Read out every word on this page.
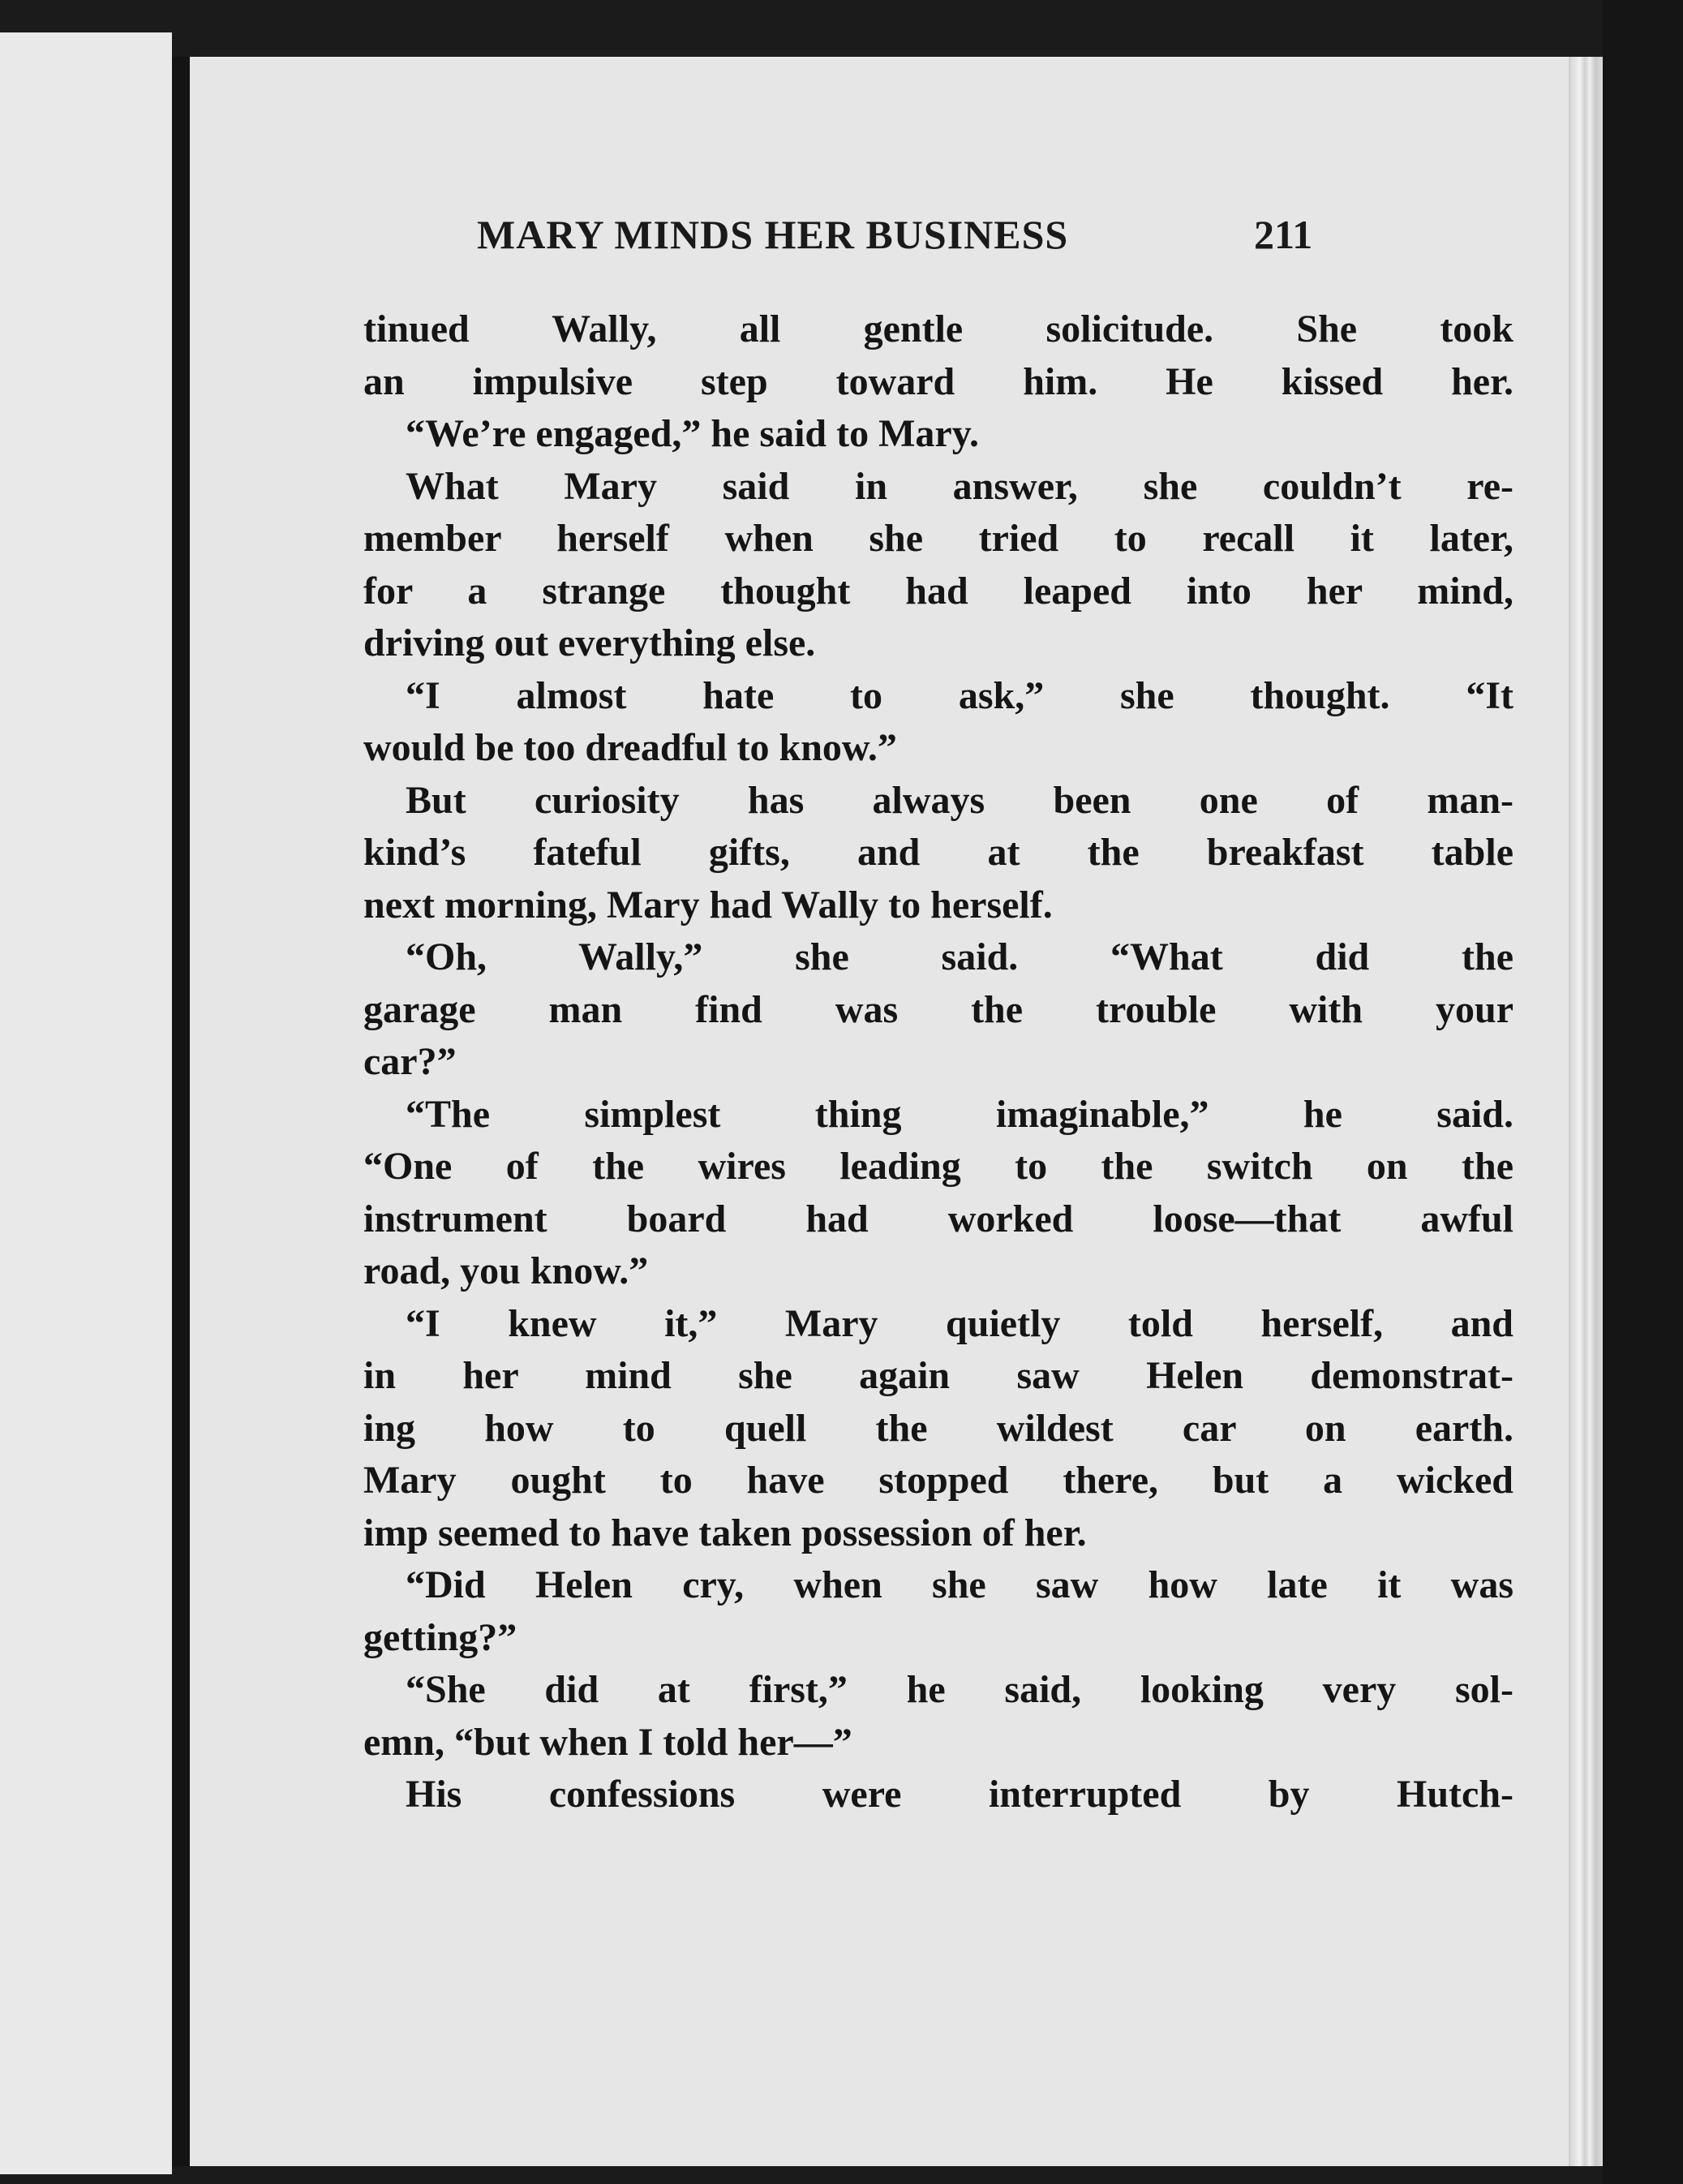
MARY MINDS HER BUSINESS	211
tinued Wally, all gentle solicitude. She took
an impulsive step toward him. He kissed her.
“We’re engaged,” he said to Mary.
What Mary said in answer, she couldn’t re-
member herself when she tried to recall it later,
for a strange thought had leaped into her mind,
driving out everything else.
“I almost hate to ask,” she thought. “It
would be too dreadful to know.”
But curiosity has always been one of man-
kind’s fateful gifts, and at the breakfast table
next morning, Mary had Wally to herself.
“Oh, Wally,” she said. “What did the
garage man find was the trouble with your
car?”
“The simplest thing imaginable,” he said.
“One of the wires leading to the switch on the
instrument board had worked loose—that awful
road, you know.”
“I knew it,” Mary quietly told herself, and
in her mind she again saw Helen demonstrat-
ing how to quell the wildest car on earth.
Mary ought to have stopped there, but a wicked
imp seemed to have taken possession of her.
“Did Helen cry, when she saw how late it was
getting?”
“She did at first,” he said, looking very sol-
emn, “but when I told her—”
His confessions were interrupted by Hutch-
